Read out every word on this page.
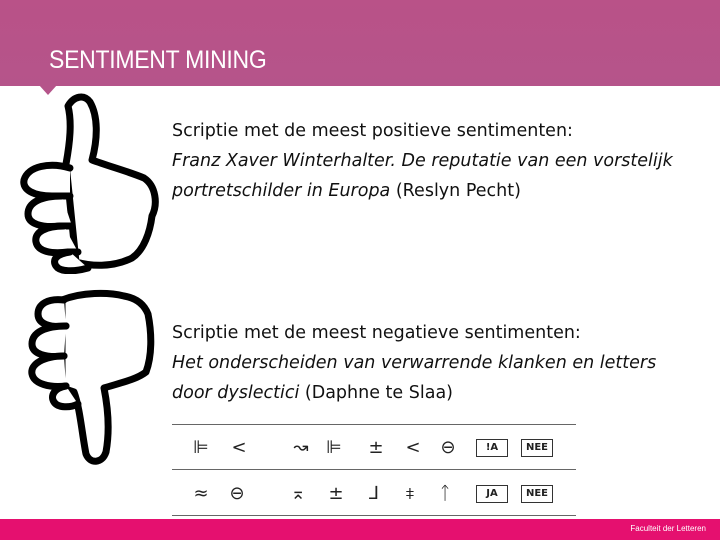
SENTIMENT MINING

Scriptie met de meest positieve sentimenten:

Franz Xaver Winterhalter. De reputatie van een vorstelijk portretschilder in Europa (Reslyn Pecht)

Scriptie met de meest negatieve sentimenten:

Het onderscheiden van verwarrende klanken en letters door dyslectici (Daphne te Slaa)

⊫	<	↝ ⊫	±	<	⊖	!A	NEE
≈	⊖	⌅	±	⅃	⧧	ᛏ	JA	NEE
Faculteit der Letteren
